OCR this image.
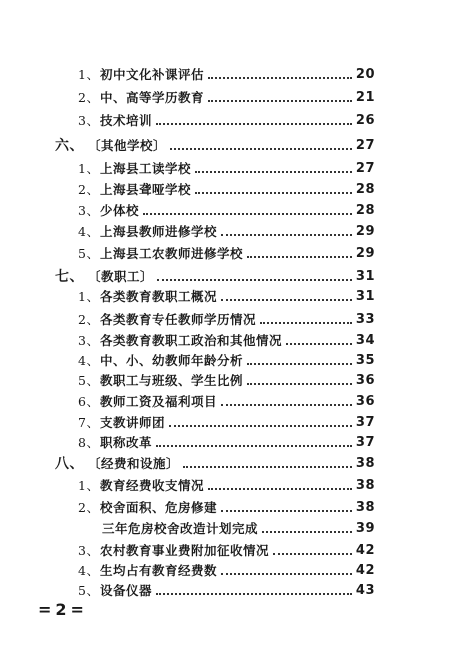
1、 初中文化补课评估	20
2、 中、高等学历教育	21
3、 技术培训	26
六、 〔其他学校〕	27
1、 上海县工读学校	27
2、 上海县聋哑学校	28
3、 少体校	28
4、 上海县教师进修学校	29
5、 上海县工农教师进修学校	29
七、 〔教职工〕	31
1、 各类教育教职工概况	31
2、 各类教育专任教师学历情况	33
3、 各类教育教职工政治和其他情况	34
4、 中、小、幼教师年龄分析	35
5、 教职工与班级、学生比例	36
6、 教师工资及福利项目	36
7、 支教讲师团	37
8、 职称改革	37
八、 〔经费和设施〕	38
1、 教育经费收支情况	38
2、 校舍面积、危房修建	38
三年危房校舍改造计划完成	39
3、 农村教育事业费附加征收情况	42
4、 生均占有教育经费数	42
5、 设备仪器	43
=2=
